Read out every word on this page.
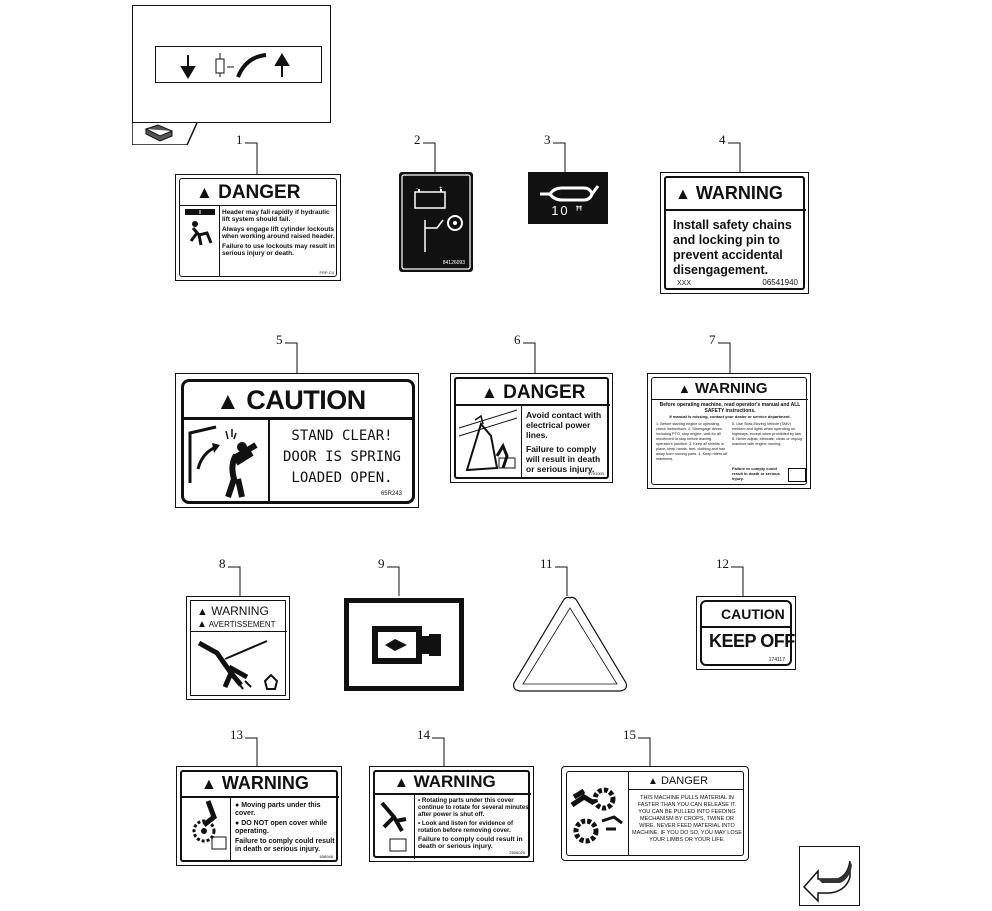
1	2	3	4
5	6	7
8	9	11	12
13	14	15
▲ DANGER
Header may fall rapidly if hydraulic lift system should fail.
Always engage lift cylinder lockouts when working around raised header.
Failure to use lockouts may result in serious injury or death.
FRP-C4
-	+
84126093
10 ꟸ
▲ WARNING
Install safety chains and locking pin to prevent accidental disengagement.
XXX	06541940
▲ CAUTION
STAND CLEAR!
DOOR IS SPRING
LOADED OPEN.
65R243
▲ DANGER
Avoid contact with electrical power lines.
Failure to comply will result in death or serious injury.
1701003
▲ WARNING
Before operating machine, read operator's manual and ALL SAFETY instructions.
If manual is missing, contact your dealer or service department.
1. Before starting engine or operating, check instructions. 2. Disengage drives including PTO, stop engine, wait for all movement to stop before leaving operator's position. 3. Keep all shields in place, keep hands, feet, clothing and hair away from moving parts. 4. Keep riders off machines.
5. Use Slow-Moving Vehicle (SMV) emblem and lights when operating on highways, except when prohibited by law. 6. Never adjust, lubricate, clean or unplug machine with engine running.
Failure to comply could result in death or serious injury.
▲ WARNING
▲ AVERTISSEMENT
CAUTION
KEEP OFF
174117
▲ WARNING
● Moving parts under this cover.
● DO NOT open cover while operating.
Failure to comply could result in death or serious injury.
658948
▲ WARNING
• Rotating parts under this cover continue to rotate for several minutes after power is shut off.
• Look and listen for evidence of rotation before removing cover.
Failure to comply could result in death or serious injury.
2506025
▲ DANGER
THIS MACHINE PULLS MATERIAL IN FASTER THAN YOU CAN RELEASE IT. YOU CAN BE PULLED INTO FEEDING MECHANISM BY CROPS, TWINE OR WIRE. NEVER FEED MATERIAL INTO MACHINE. IF YOU DO SO, YOU MAY LOSE YOUR LIMBS OR YOUR LIFE.
